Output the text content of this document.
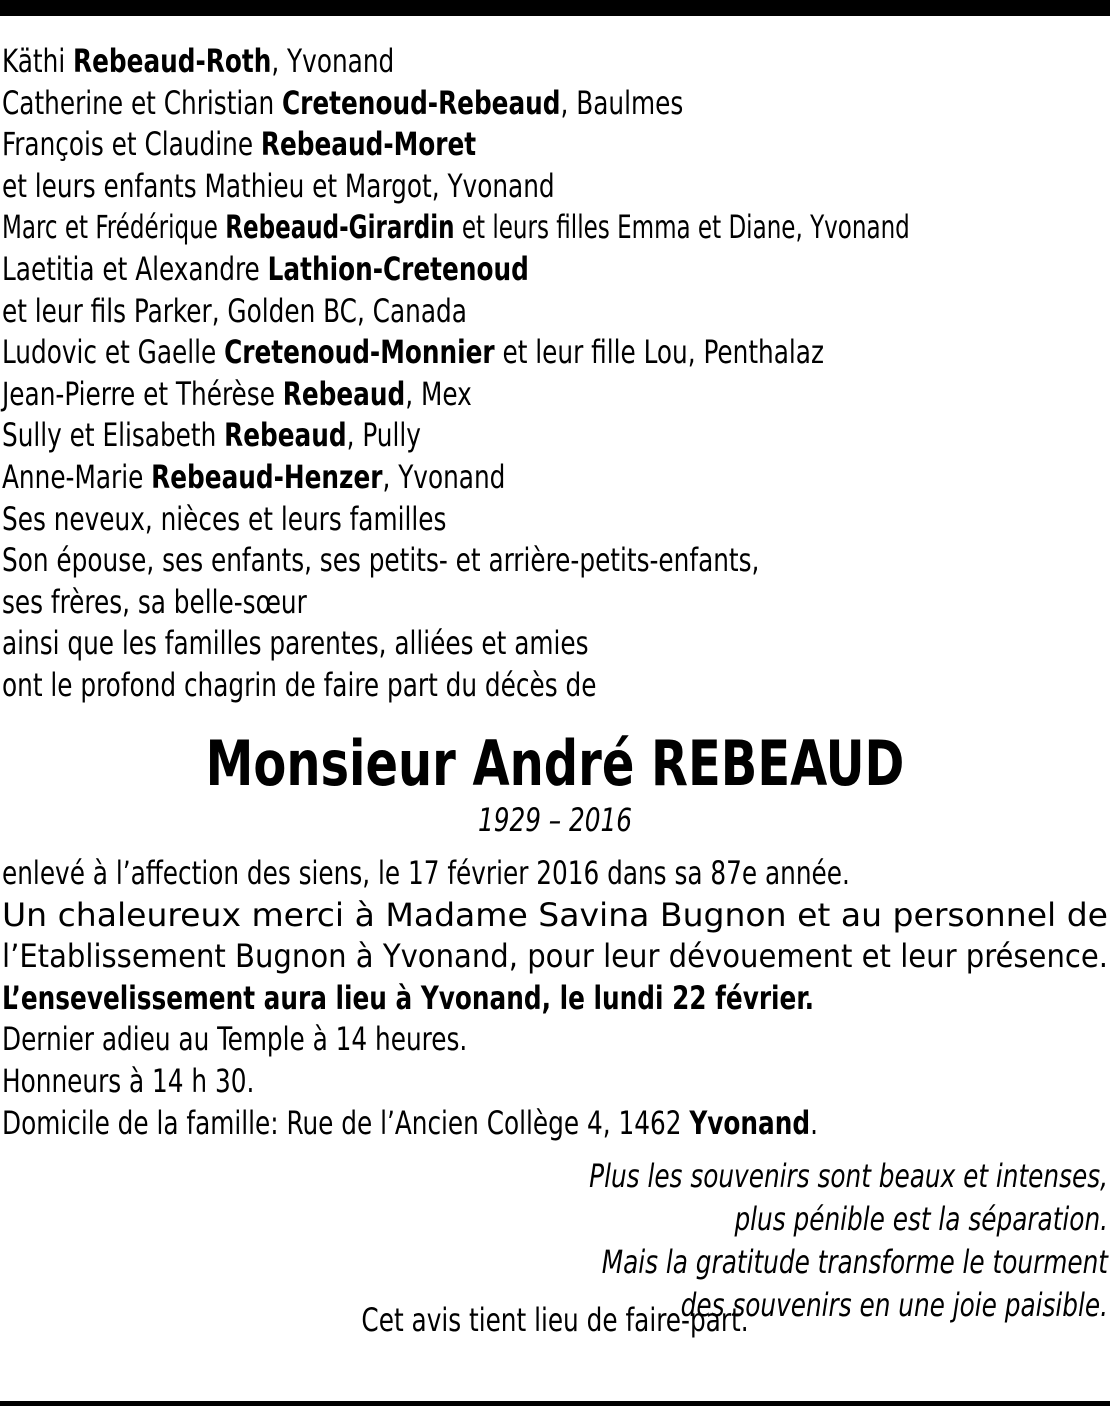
Käthi Rebeaud-Roth, Yvonand
Catherine et Christian Cretenoud-Rebeaud, Baulmes
François et Claudine Rebeaud-Moret
et leurs enfants Mathieu et Margot, Yvonand
Marc et Frédérique Rebeaud-Girardin et leurs filles Emma et Diane, Yvonand
Laetitia et Alexandre Lathion-Cretenoud
et leur fils Parker, Golden BC, Canada
Ludovic et Gaelle Cretenoud-Monnier et leur fille Lou, Penthalaz
Jean-Pierre et Thérèse Rebeaud, Mex
Sully et Elisabeth Rebeaud, Pully
Anne-Marie Rebeaud-Henzer, Yvonand
Ses neveux, nièces et leurs familles
Son épouse, ses enfants, ses petits- et arrière-petits-enfants,
ses frères, sa belle-sœur
ainsi que les familles parentes, alliées et amies
ont le profond chagrin de faire part du décès de
Monsieur André REBEAUD
1929 – 2016
enlevé à l’affection des siens, le 17 février 2016 dans sa 87e année.
Un chaleureux merci à Madame Savina Bugnon et au personnel de
l’Etablissement Bugnon à Yvonand, pour leur dévouement et leur présence.
L’ensevelissement aura lieu à Yvonand, le lundi 22 février.
Dernier adieu au Temple à 14 heures.
Honneurs à 14 h 30.
Domicile de la famille: Rue de l’Ancien Collège 4, 1462 Yvonand.
Plus les souvenirs sont beaux et intenses,
plus pénible est la séparation.
Mais la gratitude transforme le tourment
des souvenirs en une joie paisible.
Cet avis tient lieu de faire-part.
